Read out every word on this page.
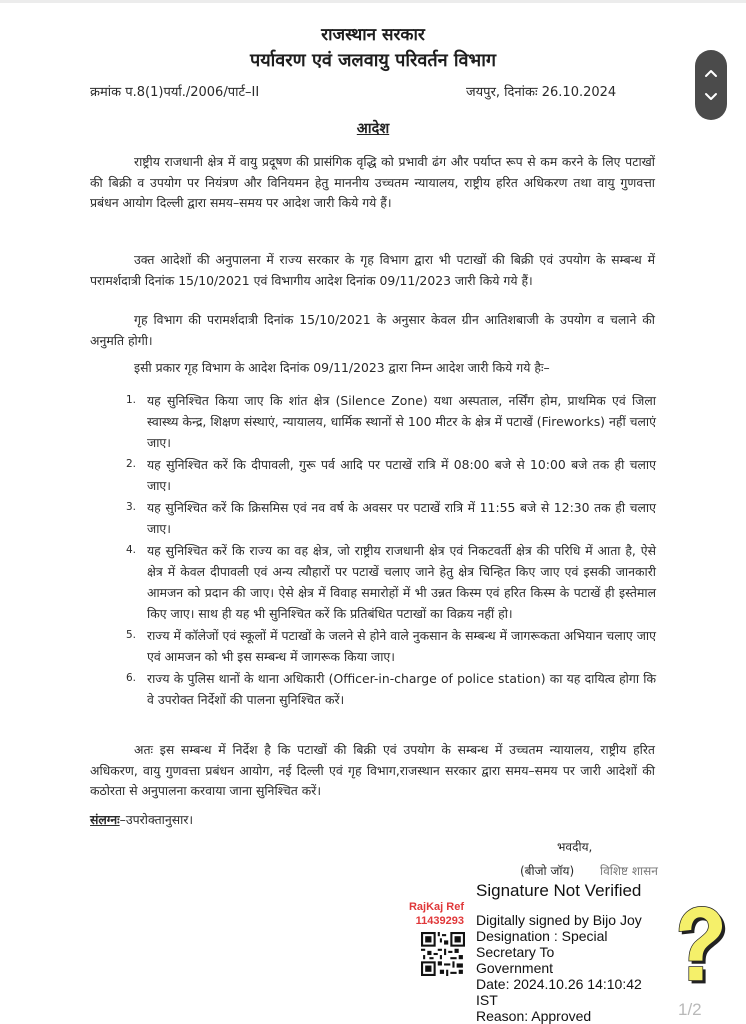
राजस्थान सरकार
पर्यावरण एवं जलवायु परिवर्तन विभाग
क्रमांक प.8(1)पर्या./2006/पार्ट–II	जयपुर, दिनांकः 26.10.2024
आदेश

राष्ट्रीय राजधानी क्षेत्र में वायु प्रदूषण की प्रासंगिक वृद्धि को प्रभावी ढंग और पर्याप्त रूप से कम करने के लिए पटाखों की बिक्री व उपयोग पर नियंत्रण और विनियमन हेतु माननीय उच्चतम न्यायालय, राष्ट्रीय हरित अधिकरण तथा वायु गुणवत्ता प्रबंधन आयोग दिल्ली द्वारा समय–समय पर आदेश जारी किये गये हैं।

उक्त आदेशों की अनुपालना में राज्य सरकार के गृह विभाग द्वारा भी पटाखों की बिक्री एवं उपयोग के सम्बन्ध में परामर्शदात्री दिनांक 15/10/2021 एवं विभागीय आदेश दिनांक 09/11/2023 जारी किये गये हैं।

गृह विभाग की परामर्शदात्री दिनांक 15/10/2021 के अनुसार केवल ग्रीन आतिशबाजी के उपयोग व चलाने की अनुमति होगी।

इसी प्रकार गृह विभाग के आदेश दिनांक 09/11/2023 द्वारा निम्न आदेश जारी किये गये हैः–

1. यह सुनिश्चित किया जाए कि शांत क्षेत्र (Silence Zone) यथा अस्पताल, नर्सिंग होम, प्राथमिक एवं जिला स्वास्थ्य केन्द्र, शिक्षण संस्थाएं, न्यायालय, धार्मिक स्थानों से 100 मीटर के क्षेत्र में पटाखें (Fireworks) नहीं चलाएं जाए।
2. यह सुनिश्चित करें कि दीपावली, गुरू पर्व आदि पर पटाखें रात्रि में 08:00 बजे से 10:00 बजे तक ही चलाए जाए।
3. यह सुनिश्चित करें कि क्रिसमिस एवं नव वर्ष के अवसर पर पटाखें रात्रि में 11:55 बजे से 12:30 तक ही चलाए जाए।
4. यह सुनिश्चित करें कि राज्य का वह क्षेत्र, जो राष्ट्रीय राजधानी क्षेत्र एवं निकटवर्ती क्षेत्र की परिधि में आता है, ऐसे क्षेत्र में केवल दीपावली एवं अन्य त्यौहारों पर पटाखें चलाए जाने हेतु क्षेत्र चिन्हित किए जाए एवं इसकी जानकारी आमजन को प्रदान की जाए। ऐसे क्षेत्र में विवाह समारोहों में भी उन्नत किस्म एवं हरित किस्म के पटाखें ही इस्तेमाल किए जाए। साथ ही यह भी सुनिश्चित करें कि प्रतिबंधित पटाखों का विक्रय नहीं हो।
5. राज्य में कॉलेजों एवं स्कूलों में पटाखों के जलने से होने वाले नुकसान के सम्बन्ध में जागरूकता अभियान चलाए जाए एवं आमजन को भी इस सम्बन्ध में जागरूक किया जाए।
6. राज्य के पुलिस थानों के थाना अधिकारी (Officer-in-charge of police station) का यह दायित्व होगा कि वे उपरोक्त निर्देशों की पालना सुनिश्चित करें।

अतः इस सम्बन्ध में निर्देश है कि पटाखों की बिक्री एवं उपयोग के सम्बन्ध में उच्चतम न्यायालय, राष्ट्रीय हरित अधिकरण, वायु गुणवत्ता प्रबंधन आयोग, नई दिल्ली एवं गृह विभाग,राजस्थान सरकार द्वारा समय–समय पर जारी आदेशों की कठोरता से अनुपालना करवाया जाना सुनिश्चित करें।

संलग्नः–उपरोक्तानुसार।
भवदीय,
(बीजो जॉय) विशिष्ट शासन
RajKaj Ref
11439293
Signature Not Verified
Digitally signed by Bijo Joy
Designation : Special Secretary To
Government
Date: 2024.10.26 14:10:42 IST
Reason: Approved	1/2
